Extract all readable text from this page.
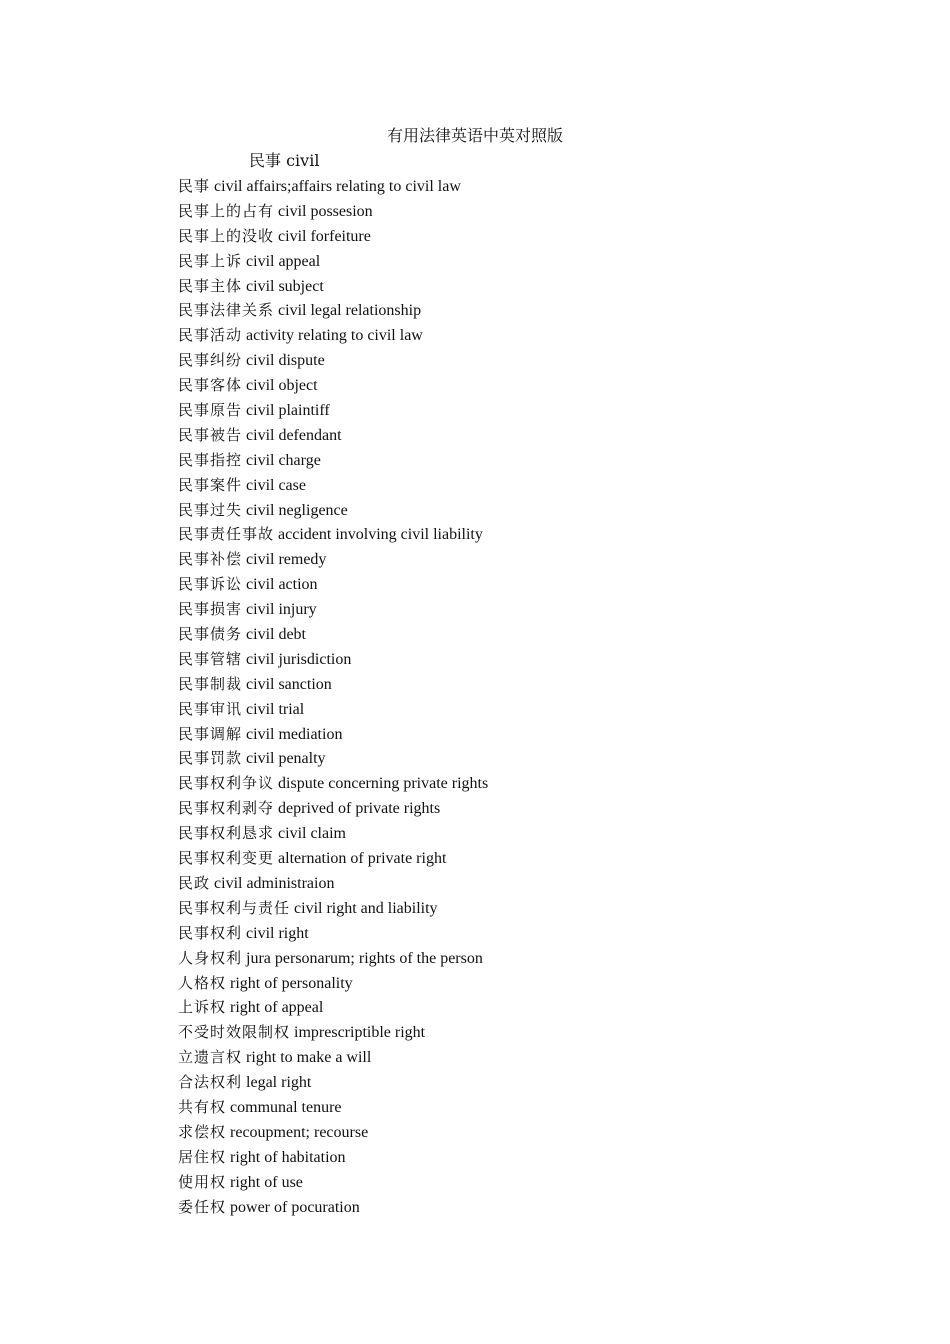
有用法律英语中英对照版
民事 civil
民事 civil affairs;affairs relating to civil law
民事上的占有 civil possesion
民事上的没收 civil forfeiture
民事上诉 civil appeal
民事主体 civil subject
民事法律关系 civil legal relationship
民事活动 activity relating to civil law
民事纠纷 civil dispute
民事客体 civil object
民事原告 civil plaintiff
民事被告 civil defendant
民事指控 civil charge
民事案件 civil case
民事过失 civil negligence
民事责任事故 accident involving civil liability
民事补偿 civil remedy
民事诉讼 civil action
民事损害 civil injury
民事债务 civil debt
民事管辖 civil jurisdiction
民事制裁 civil sanction
民事审讯 civil trial
民事调解 civil mediation
民事罚款 civil penalty
民事权利争议 dispute concerning private rights
民事权利剥夺 deprived of private rights
民事权利恳求 civil claim
民事权利变更 alternation of private right
民政 civil administraion
民事权利与责任 civil right and liability
民事权利 civil right
人身权利 jura personarum; rights of the person
人格权 right of personality
上诉权 right of appeal
不受时效限制权 imprescriptible right
立遗言权 right to make a will
合法权利 legal right
共有权 communal tenure
求偿权 recoupment; recourse
居住权 right of habitation
使用权 right of use
委任权 power of pocuration
